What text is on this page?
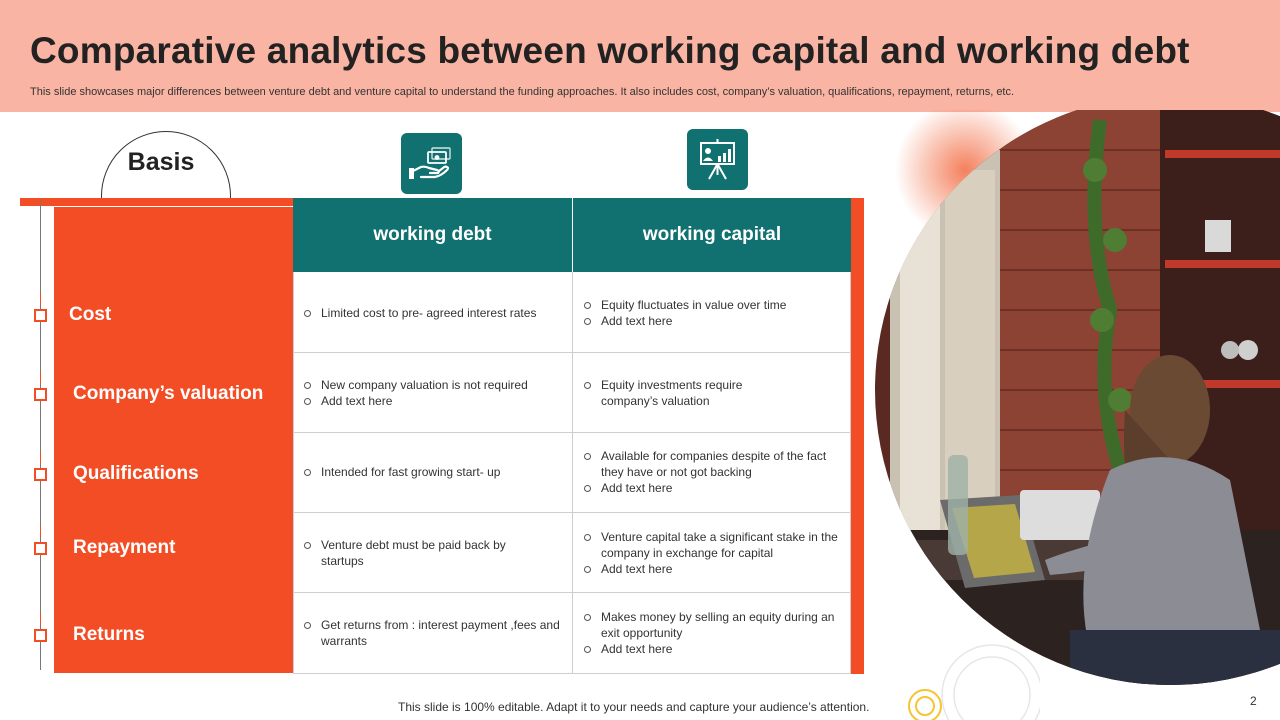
Comparative analytics between working capital and working debt
This slide showcases major differences between venture debt and venture capital to understand the funding approaches. It also includes cost, company’s valuation, qualifications, repayment, returns, etc.
Basis
Cost
Company’s valuation
Qualifications
Repayment
Returns
working debt	working capital
Limited cost to pre- agreed interest rates
Equity fluctuates in value over time
Add text here
New company valuation is not required
Add text here
Equity investments require company’s valuation
Intended for fast growing start- up
Available for companies despite of the fact they have or not got backing
Add text here
Venture debt must be paid back by startups
Venture capital take a significant stake in the company in exchange for capital
Add text here
Get returns from : interest payment ,fees and warrants
Makes money by selling an equity during an exit opportunity
Add text here
This slide is 100% editable. Adapt it to your needs and capture your audience’s attention.	2
